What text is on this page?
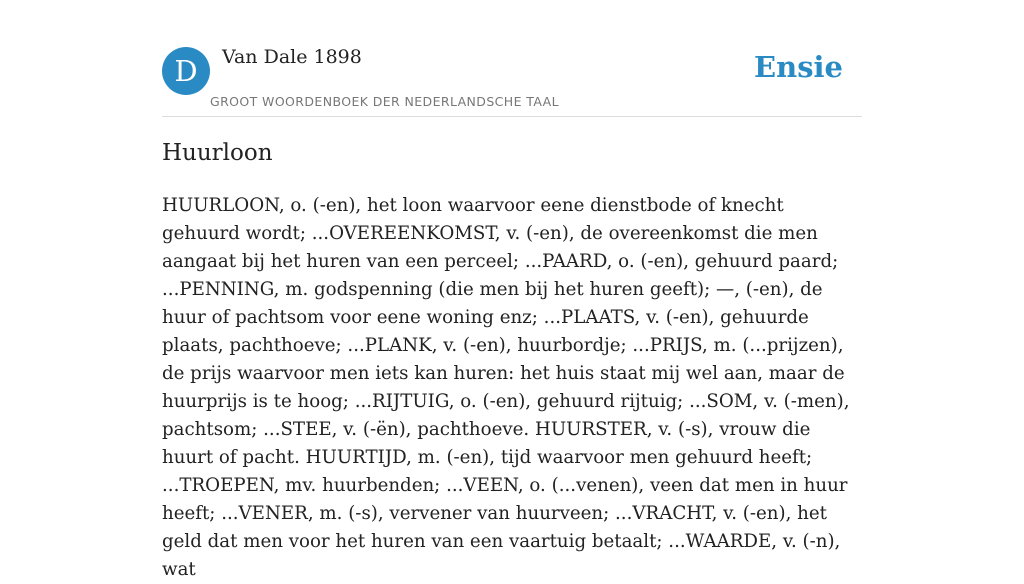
D	Van Dale 1898
GROOT WOORDENBOEK DER NEDERLANDSCHE TAAL
Ensie
Huurloon

HUURLOON, o. (-en), het loon waarvoor eene dienstbode of knecht gehuurd wordt; ...OVEREENKOMST, v. (-en), de overeenkomst die men aangaat bij het huren van een perceel; ...PAARD, o. (-en), gehuurd paard; ...PENNING, m. godspenning (die men bij het huren geeft); —, (-en), de huur of pachtsom voor eene woning enz; ...PLAATS, v. (-en), gehuurde plaats, pachthoeve; ...PLANK, v. (-en), huurbordje; ...PRIJS, m. (...prijzen), de prijs waarvoor men iets kan huren: het huis staat mij wel aan, maar de huurprijs is te hoog; ...RIJTUIG, o. (-en), gehuurd rijtuig; ...SOM, v. (-men), pachtsom; ...STEE, v. (-ën), pachthoeve. HUURSTER, v. (-s), vrouw die huurt of pacht. HUURTIJD, m. (-en), tijd waarvoor men gehuurd heeft; ...TROEPEN, mv. huurbenden; ...VEEN, o. (...venen), veen dat men in huur heeft; ...VENER, m. (-s), vervener van huurveen; ...VRACHT, v. (-en), het geld dat men voor het huren van een vaartuig betaalt; ...WAARDE, v. (-n), wat
